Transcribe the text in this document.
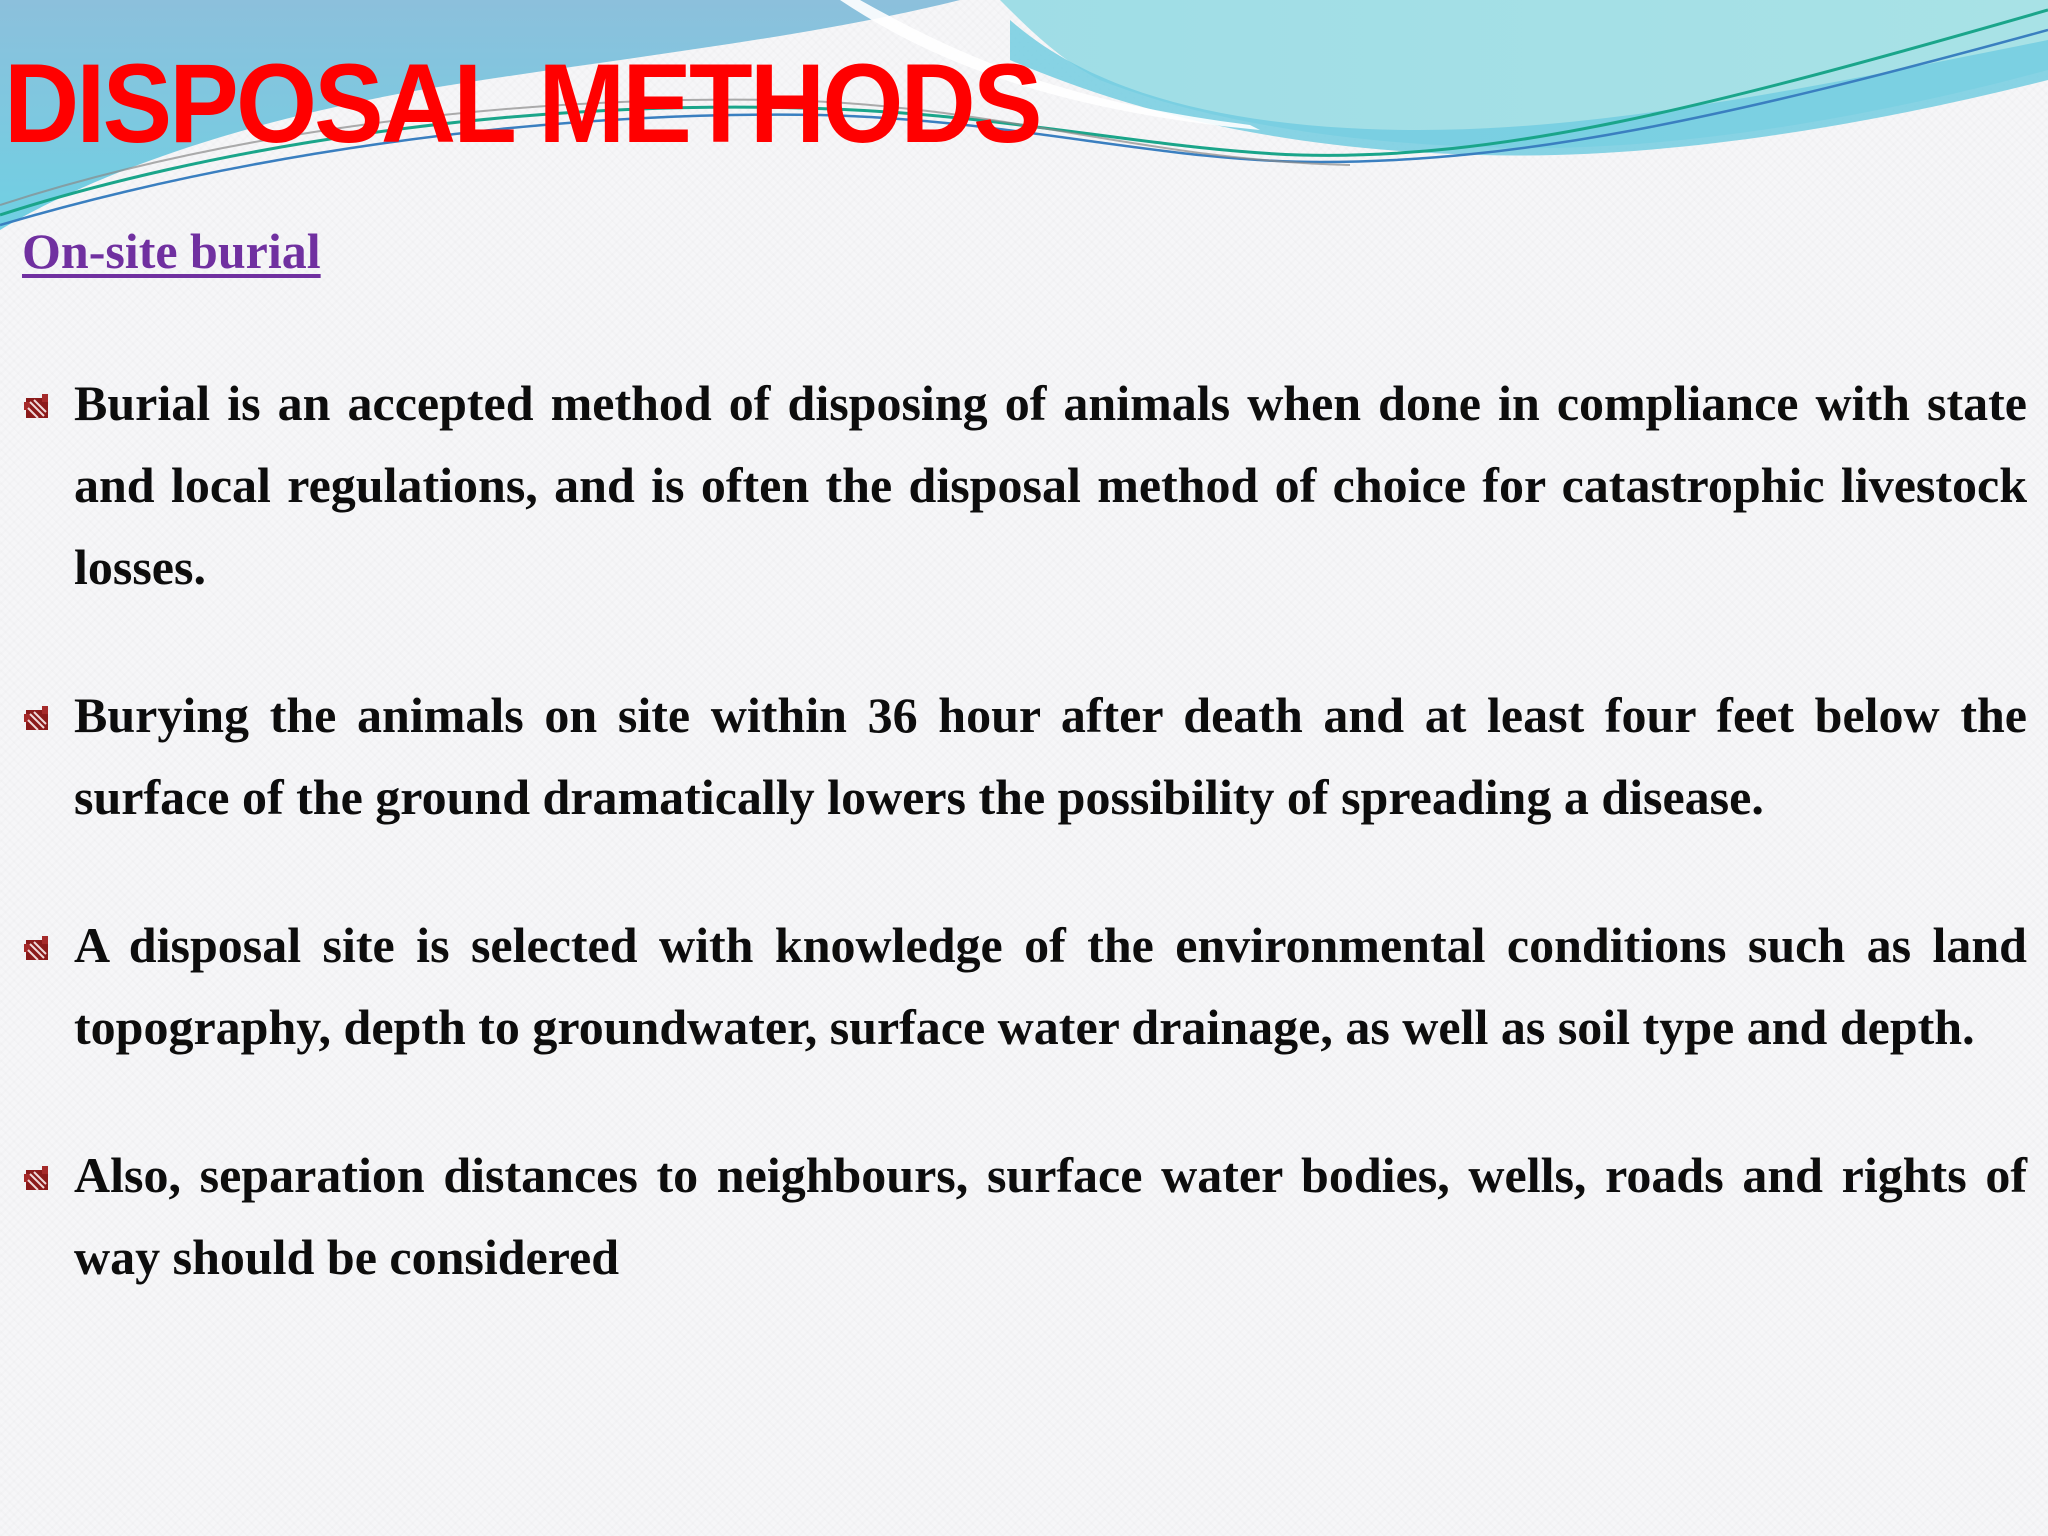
DISPOSAL METHODS
On-site burial
Burial is an accepted method of disposing of animals when done in compliance with state and local regulations, and is often the disposal method of choice for catastrophic livestock losses.
Burying the animals on site within 36 hour after death and at least four feet below the surface of the ground dramatically lowers the possibility of spreading a disease.
A disposal site is selected with knowledge of the environmental conditions such as land topography, depth to groundwater, surface water drainage, as well as soil type and depth.
Also, separation distances to neighbours, surface water bodies, wells, roads and rights of way should be considered
